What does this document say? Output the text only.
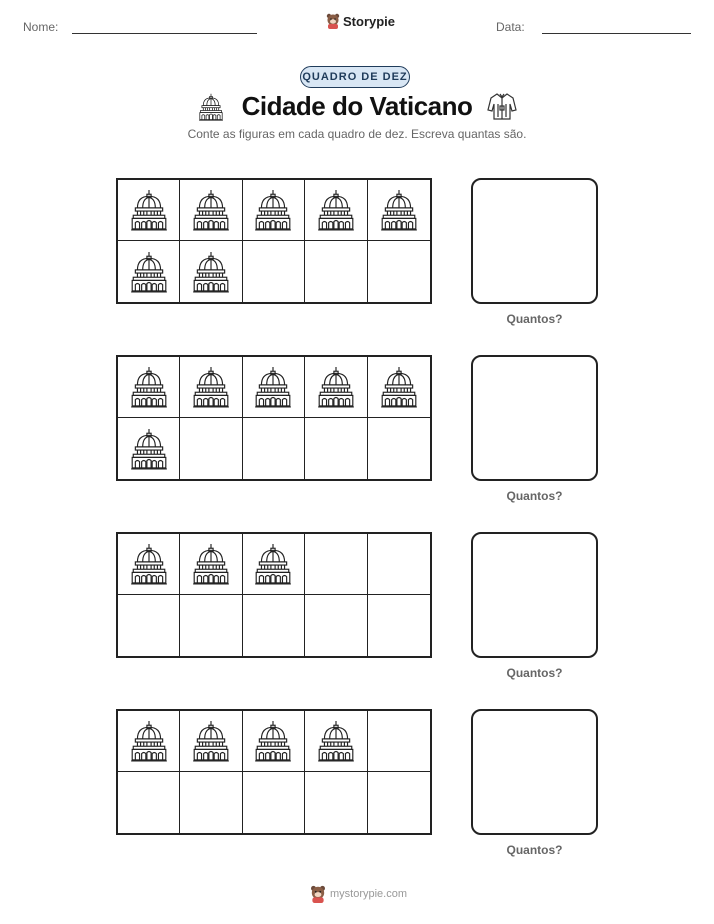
Nome:	Storypie	Data:
QUADRO DE DEZ
Cidade do Vaticano
Conte as figuras em cada quadro de dez. Escreva quantas são.
Quantos?
Quantos?
Quantos?
Quantos?
mystorypie.com
